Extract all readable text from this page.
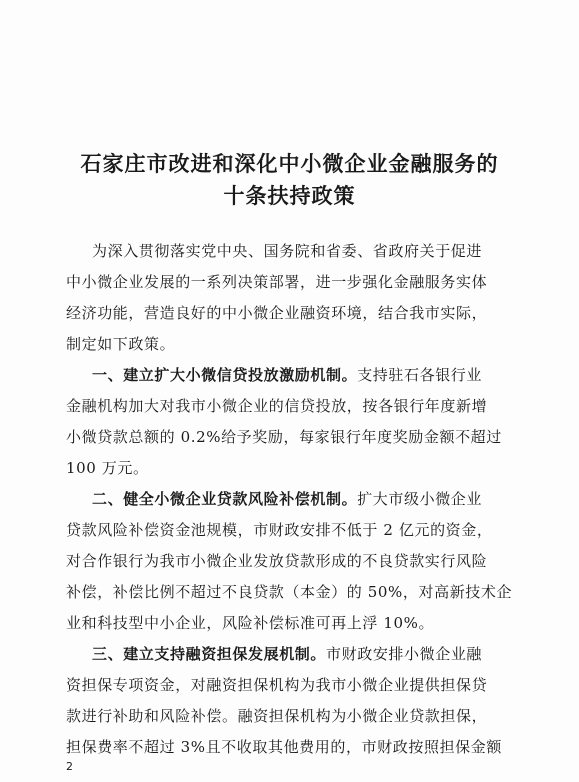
石家庄市改进和深化中小微企业金融服务的
十条扶持政策
为深入贯彻落实党中央、国务院和省委、省政府关于促进
中小微企业发展的一系列决策部署，进一步强化金融服务实体
经济功能，营造良好的中小微企业融资环境，结合我市实际，
制定如下政策。
一、建立扩大小微信贷投放激励机制。支持驻石各银行业
金融机构加大对我市小微企业的信贷投放，按各银行年度新增
小微贷款总额的 0.2%给予奖励，每家银行年度奖励金额不超过
100 万元。
二、健全小微企业贷款风险补偿机制。扩大市级小微企业
贷款风险补偿资金池规模，市财政安排不低于 2 亿元的资金，
对合作银行为我市小微企业发放贷款形成的不良贷款实行风险
补偿，补偿比例不超过不良贷款（本金）的 50%，对高新技术企
业和科技型中小企业，风险补偿标准可再上浮 10%。
三、建立支持融资担保发展机制。市财政安排小微企业融
资担保专项资金，对融资担保机构为我市小微企业提供担保贷
款进行补助和风险补偿。融资担保机构为小微企业贷款担保，
担保费率不超过 3%且不收取其他费用的，市财政按照担保金额
2
